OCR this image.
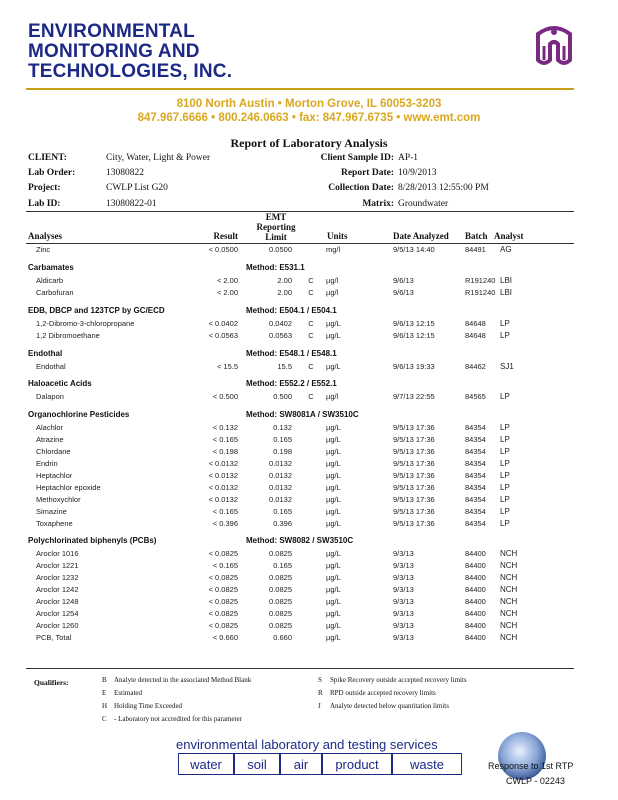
ENVIRONMENTAL
MONITORING AND
TECHNOLOGIES, INC.
8100 North Austin • Morton Grove, IL 60053-3203
847.967.6666 • 800.246.0663 • fax: 847.967.6735 • www.emt.com
Report of Laboratory Analysis
CLIENT:	City, Water, Light & Power
Lab Order:	13080822
Project:	CWLP List G20
Lab ID:	13080822-01
Client Sample ID: AP-1
Report Date: 10/9/2013
Collection Date: 8/28/2013 12:55:00 PM
Matrix: Groundwater
Analyses	Result
EMT Reporting Limit	Units	Date Analyzed Batch Analyst
Zinc	< 0.0500	0.0500	mg/l	9/5/13 14:40	84491	AG
Carbamates	Method: E531.1
Aldicarb	< 2.00	2.00	C	µg/l	9/6/13	R191240 LBI
Carbofuran	< 2.00	2.00	C	µg/l	9/6/13	R191240 LBI
EDB, DBCP and 123TCP by GC/ECD	Method: E504.1 / E504.1
1,2-Dibromo-3-chloropropane	< 0.0402	0.0402	C	µg/L	9/6/13 12:15	84648	LP
1,2 Dibromoethane	< 0.0563	0.0563	C	µg/L	9/6/13 12:15	84648	LP
Endothal	Method: E548.1 / E548.1
Endothal	< 15.5	15.5	C	µg/L	9/6/13 19:33	84462	SJ1
Haloacetic Acids	Method: E552.2 / E552.1
Dalapon	< 0.500	0.500	C	µg/l	9/7/13 22:55	84565	LP
Organochlorine Pesticides	Method: SW8081A / SW3510C
Alachlor	< 0.132	0.132	µg/L	9/5/13 17:36	84354	LP
Atrazine	< 0.165	0.165	µg/L	9/5/13 17:36	84354	LP
Chlordane	< 0.198	0.198	µg/L	9/5/13 17:36	84354	LP
Endrin	< 0.0132	0.0132	µg/L	9/5/13 17:36	84354	LP
Heptachlor	< 0.0132	0.0132	µg/L	9/5/13 17:36	84354	LP
Heptachlor epoxide	< 0.0132	0.0132	µg/L	9/5/13 17:36	84354	LP
Methoxychlor	< 0.0132	0.0132	µg/L	9/5/13 17:36	84354	LP
Simazine	< 0.165	0.165	µg/L	9/5/13 17:36	84354	LP
Toxaphene	< 0.396	0.396	µg/L	9/5/13 17:36	84354	LP
Polychlorinated biphenyls (PCBs)	Method: SW8082 / SW3510C
Aroclor 1016	< 0.0825	0.0825	µg/L	9/3/13	84400	NCH
Aroclor 1221	< 0.165	0.165	µg/L	9/3/13	84400	NCH
Aroclor 1232	< 0.0825	0.0825	µg/L	9/3/13	84400	NCH
Aroclor 1242	< 0.0825	0.0825	µg/L	9/3/13	84400	NCH
Aroclor 1248	< 0.0825	0.0825	µg/L	9/3/13	84400	NCH
Aroclor 1254	< 0.0825	0.0825	µg/L	9/3/13	84400	NCH
Aroclor 1260	< 0.0825	0.0825	µg/L	9/3/13	84400	NCH
PCB, Total	< 0.660	0.660	µg/L	9/3/13	84400	NCH
Qualifiers:	B Analyte detected in the associated Method Blank
E Estimated
H Holding Time Exceeded
C - Laboratory not accredited for this parameter
S Spike Recovery outside accepted recovery limits
R RPD outside accepted recovery limits
J Analyte detected below quantitation limits
environmental laboratory and testing services
water	soil	air	product	waste	Response to 1st RTP
CWLP - 02243
